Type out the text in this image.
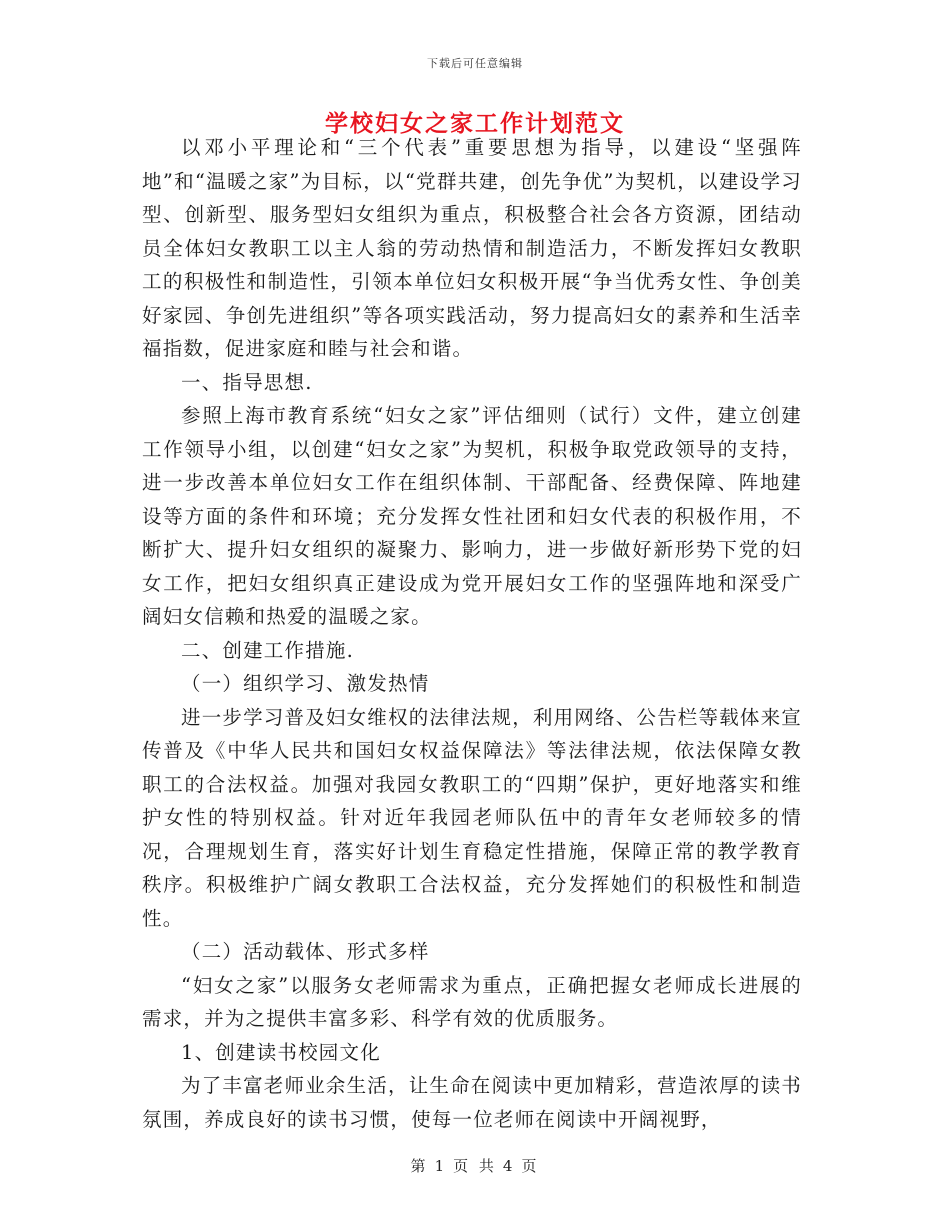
下载后可任意编辑
学校妇女之家工作计划范文

以邓小平理论和“三个代表”重要思想为指导，以建设“坚强阵地”和“温暖之家”为目标，以“党群共建，创先争优”为契机，以建设学习型、创新型、服务型妇女组织为重点，积极整合社会各方资源，团结动员全体妇女教职工以主人翁的劳动热情和制造活力，不断发挥妇女教职工的积极性和制造性，引领本单位妇女积极开展“争当优秀女性、争创美好家园、争创先进组织”等各项实践活动，努力提高妇女的素养和生活幸福指数，促进家庭和睦与社会和谐。

一、指导思想.

参照上海市教育系统“妇女之家”评估细则（试行）文件，建立创建工作领导小组，以创建“妇女之家”为契机，积极争取党政领导的支持，进一步改善本单位妇女工作在组织体制、干部配备、经费保障、阵地建设等方面的条件和环境；充分发挥女性社团和妇女代表的积极作用，不断扩大、提升妇女组织的凝聚力、影响力，进一步做好新形势下党的妇女工作，把妇女组织真正建设成为党开展妇女工作的坚强阵地和深受广阔妇女信赖和热爱的温暖之家。

二、创建工作措施.

（一）组织学习、激发热情

进一步学习普及妇女维权的法律法规，利用网络、公告栏等载体来宣传普及《中华人民共和国妇女权益保障法》等法律法规，依法保障女教职工的合法权益。加强对我园女教职工的“四期”保护，更好地落实和维护女性的特别权益。针对近年我园老师队伍中的青年女老师较多的情况，合理规划生育，落实好计划生育稳定性措施，保障正常的教学教育秩序。积极维护广阔女教职工合法权益，充分发挥她们的积极性和制造性。

（二）活动载体、形式多样

“妇女之家”以服务女老师需求为重点，正确把握女老师成长进展的需求，并为之提供丰富多彩、科学有效的优质服务。

1、创建读书校园文化

为了丰富老师业余生活，让生命在阅读中更加精彩，营造浓厚的读书氛围，养成良好的读书习惯，使每一位老师在阅读中开阔视野，

第 1 页 共 4 页
